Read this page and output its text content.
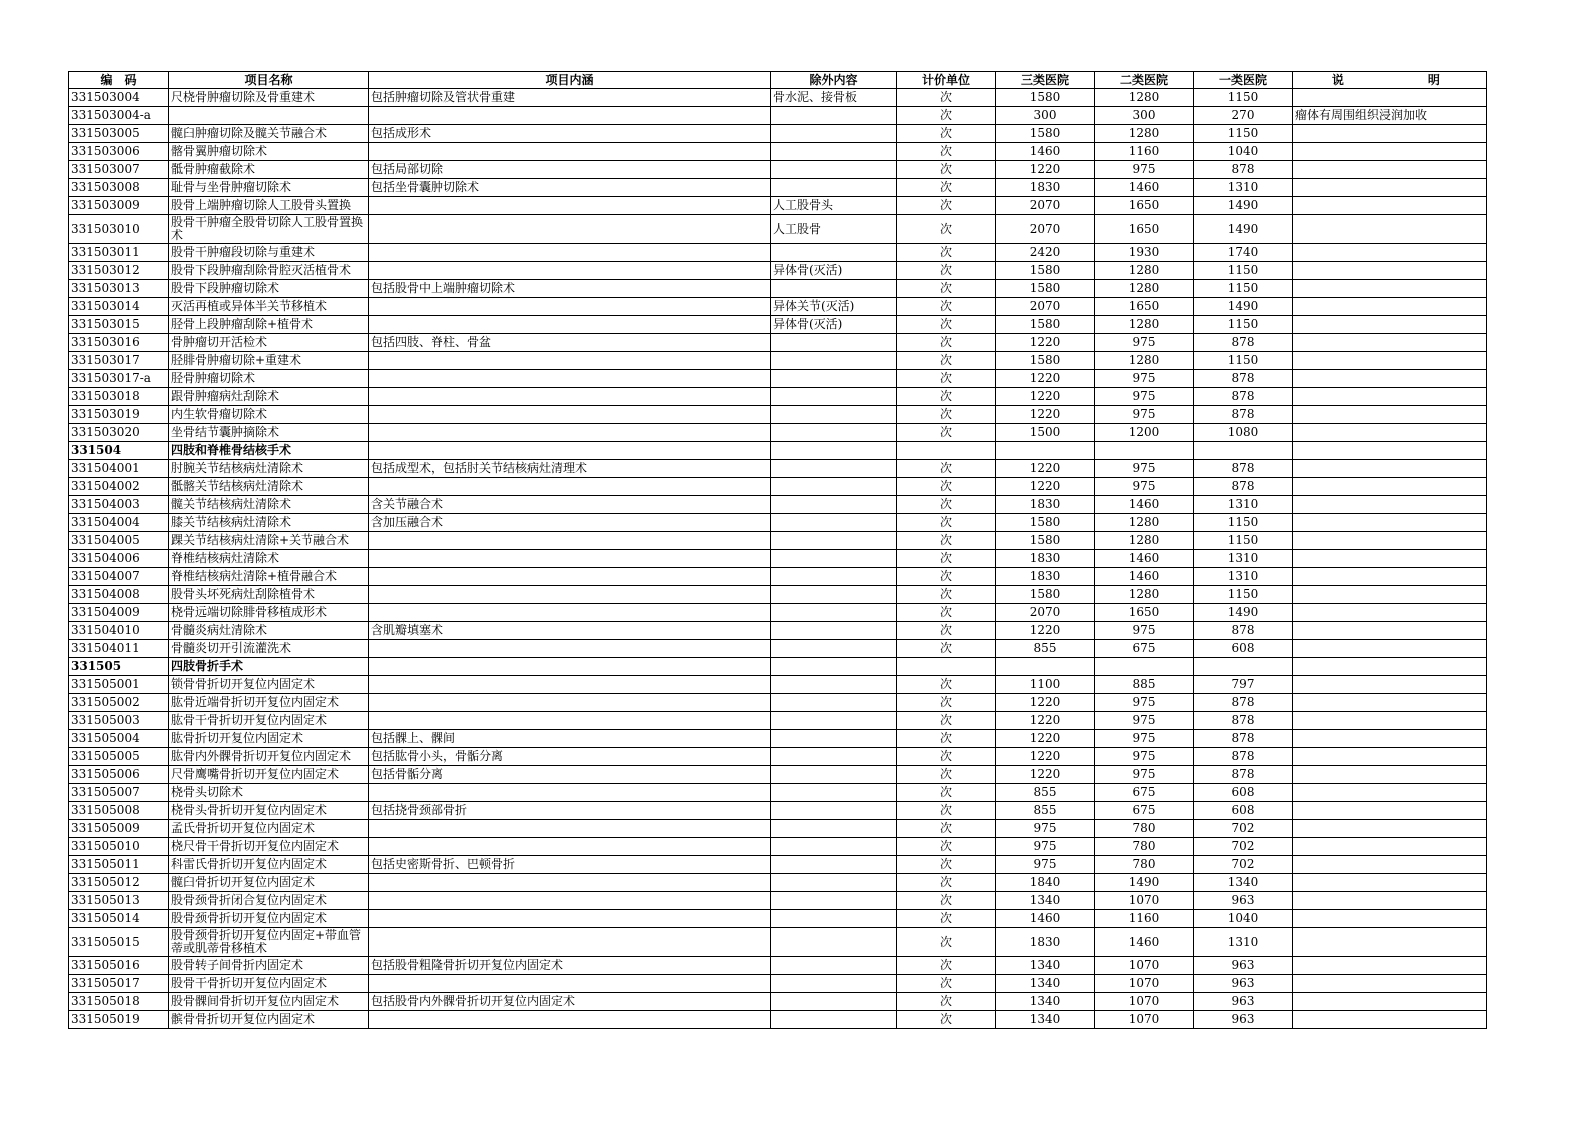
编　码	项目名称	项目内涵	除外内容	计价单位	三类医院	二类医院	一类医院	说　　　　明
331503004	尺桡骨肿瘤切除及骨重建术	包括肿瘤切除及管状骨重建	骨水泥、接骨板	次	1580	1280	1150	
331503004-a				次	300	300	270	瘤体有周围组织浸润加收
331503005	髋臼肿瘤切除及髋关节融合术	包括成形术		次	1580	1280	1150	
331503006	髂骨翼肿瘤切除术			次	1460	1160	1040	
331503007	骶骨肿瘤截除术	包括局部切除		次	1220	975	878	
331503008	耻骨与坐骨肿瘤切除术	包括坐骨囊肿切除术		次	1830	1460	1310	
331503009	股骨上端肿瘤切除人工股骨头置换		人工股骨头	次	2070	1650	1490	
331503010	股骨干肿瘤全股骨切除人工股骨置换术		人工股骨	次	2070	1650	1490	
331503011	股骨干肿瘤段切除与重建术			次	2420	1930	1740	
331503012	股骨下段肿瘤刮除骨腔灭活植骨术		异体骨(灭活)	次	1580	1280	1150	
331503013	股骨下段肿瘤切除术	包括股骨中上端肿瘤切除术		次	1580	1280	1150	
331503014	灭活再植或异体半关节移植术		异体关节(灭活)	次	2070	1650	1490	
331503015	胫骨上段肿瘤刮除+植骨术		异体骨(灭活)	次	1580	1280	1150	
331503016	骨肿瘤切开活检术	包括四肢、脊柱、骨盆		次	1220	975	878	
331503017	胫腓骨肿瘤切除+重建术			次	1580	1280	1150	
331503017-a	胫骨肿瘤切除术			次	1220	975	878	
331503018	跟骨肿瘤病灶刮除术			次	1220	975	878	
331503019	内生软骨瘤切除术			次	1220	975	878	
331503020	坐骨结节囊肿摘除术			次	1500	1200	1080	
331504	四肢和脊椎骨结核手术							
331504001	肘腕关节结核病灶清除术	包括成型术，包括肘关节结核病灶清理术		次	1220	975	878	
331504002	骶髂关节结核病灶清除术			次	1220	975	878	
331504003	髋关节结核病灶清除术	含关节融合术		次	1830	1460	1310	
331504004	膝关节结核病灶清除术	含加压融合术		次	1580	1280	1150	
331504005	踝关节结核病灶清除+关节融合术			次	1580	1280	1150	
331504006	脊椎结核病灶清除术			次	1830	1460	1310	
331504007	脊椎结核病灶清除+植骨融合术			次	1830	1460	1310	
331504008	股骨头坏死病灶刮除植骨术			次	1580	1280	1150	
331504009	桡骨远端切除腓骨移植成形术			次	2070	1650	1490	
331504010	骨髓炎病灶清除术	含肌瓣填塞术		次	1220	975	878	
331504011	骨髓炎切开引流灌洗术			次	855	675	608	
331505	四肢骨折手术							
331505001	锁骨骨折切开复位内固定术			次	1100	885	797	
331505002	肱骨近端骨折切开复位内固定术			次	1220	975	878	
331505003	肱骨干骨折切开复位内固定术			次	1220	975	878	
331505004	肱骨折切开复位内固定术	包括髁上、髁间		次	1220	975	878	
331505005	肱骨内外髁骨折切开复位内固定术	包括肱骨小头，骨骺分离		次	1220	975	878	
331505006	尺骨鹰嘴骨折切开复位内固定术	包括骨骺分离		次	1220	975	878	
331505007	桡骨头切除术			次	855	675	608	
331505008	桡骨头骨折切开复位内固定术	包括挠骨颈部骨折		次	855	675	608	
331505009	孟氏骨折切开复位内固定术			次	975	780	702	
331505010	桡尺骨干骨折切开复位内固定术			次	975	780	702	
331505011	科雷氏骨折切开复位内固定术	包括史密斯骨折、巴顿骨折		次	975	780	702	
331505012	髋臼骨折切开复位内固定术			次	1840	1490	1340	
331505013	股骨颈骨折闭合复位内固定术			次	1340	1070	963	
331505014	股骨颈骨折切开复位内固定术			次	1460	1160	1040	
331505015	股骨颈骨折切开复位内固定+带血管蒂或肌蒂骨移植术			次	1830	1460	1310	
331505016	股骨转子间骨折内固定术	包括股骨粗隆骨折切开复位内固定术		次	1340	1070	963	
331505017	股骨干骨折切开复位内固定术			次	1340	1070	963	
331505018	股骨髁间骨折切开复位内固定术	包括股骨内外髁骨折切开复位内固定术		次	1340	1070	963	
331505019	髌骨骨折切开复位内固定术			次	1340	1070	963	
